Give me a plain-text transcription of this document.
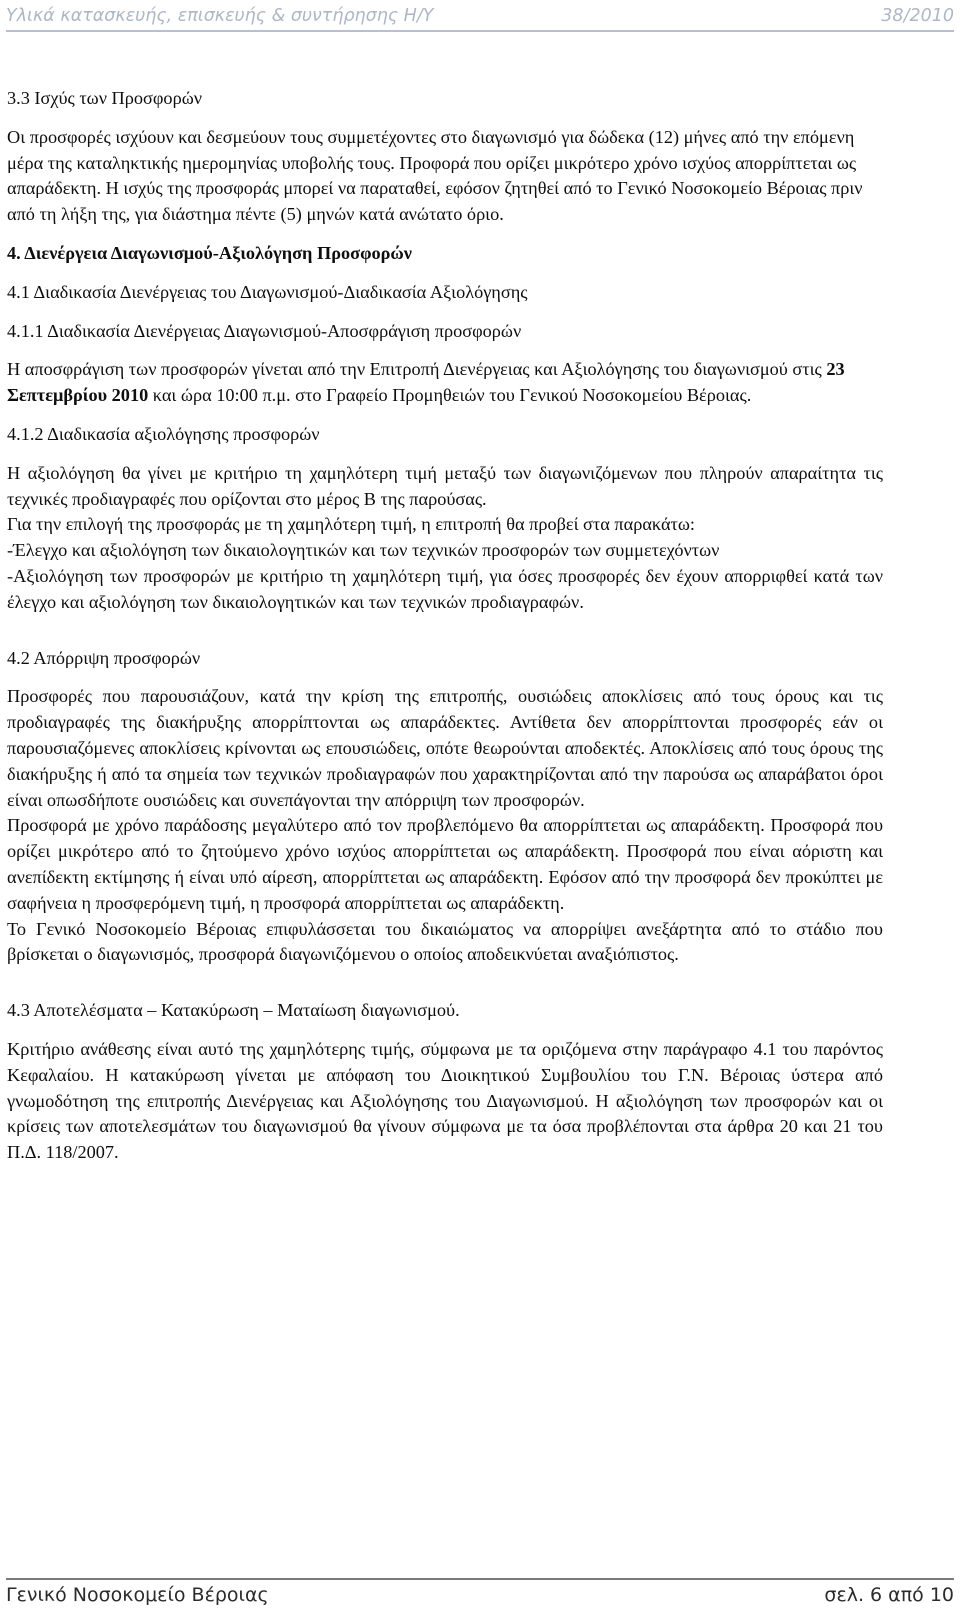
Υλικά κατασκευής, επισκευής & συντήρησης Η/Υ	38/2010

3.3 Ισχύς των Προσφορών

Οι προσφορές ισχύουν και δεσμεύουν τους συμμετέχοντες στο διαγωνισμό για δώδεκα (12) μήνες από την επόμενη μέρα της καταληκτικής ημερομηνίας υποβολής τους. Προφορά που ορίζει μικρότερο χρόνο ισχύος απορρίπτεται ως απαράδεκτη. Η ισχύς της προσφοράς μπορεί να παραταθεί, εφόσον ζητηθεί από το Γενικό Νοσοκομείο Βέροιας πριν από τη λήξη της, για διάστημα πέντε (5) μηνών κατά ανώτατο όριο.

4. Διενέργεια Διαγωνισμού-Αξιολόγηση Προσφορών

4.1 Διαδικασία Διενέργειας του Διαγωνισμού-Διαδικασία Αξιολόγησης

4.1.1 Διαδικασία Διενέργειας Διαγωνισμού-Αποσφράγιση προσφορών

Η αποσφράγιση των προσφορών γίνεται από την Επιτροπή Διενέργειας και Αξιολόγησης του διαγωνισμού στις 23 Σεπτεμβρίου 2010 και ώρα 10:00 π.μ. στο Γραφείο Προμηθειών του Γενικού Νοσοκομείου Βέροιας.

4.1.2 Διαδικασία αξιολόγησης προσφορών

Η αξιολόγηση θα γίνει με κριτήριο τη χαμηλότερη τιμή μεταξύ των διαγωνιζόμενων που πληρούν απαραίτητα τις τεχνικές προδιαγραφές που ορίζονται στο μέρος Β της παρούσας.

Για την επιλογή της προσφοράς με τη χαμηλότερη τιμή, η επιτροπή θα προβεί στα παρακάτω:

-Έλεγχο και αξιολόγηση των δικαιολογητικών και των τεχνικών προσφορών των συμμετεχόντων

-Αξιολόγηση των προσφορών με κριτήριο τη χαμηλότερη τιμή, για όσες προσφορές δεν έχουν απορριφθεί κατά των έλεγχο και αξιολόγηση των δικαιολογητικών και των τεχνικών προδιαγραφών.

4.2 Απόρριψη προσφορών

Προσφορές που παρουσιάζουν, κατά την κρίση της επιτροπής, ουσιώδεις αποκλίσεις από τους όρους και τις προδιαγραφές της διακήρυξης απορρίπτονται ως απαράδεκτες. Αντίθετα δεν απορρίπτονται προσφορές εάν οι παρουσιαζόμενες αποκλίσεις κρίνονται ως επουσιώδεις, οπότε θεωρούνται αποδεκτές. Αποκλίσεις από τους όρους της διακήρυξης ή από τα σημεία των τεχνικών προδιαγραφών που χαρακτηρίζονται από την παρούσα ως απαράβατοι όροι είναι οπωσδήποτε ουσιώδεις και συνεπάγονται την απόρριψη των προσφορών.

Προσφορά με χρόνο παράδοσης μεγαλύτερο από τον προβλεπόμενο θα απορρίπτεται ως απαράδεκτη. Προσφορά που ορίζει μικρότερο από το ζητούμενο χρόνο ισχύος απορρίπτεται ως απαράδεκτη. Προσφορά που είναι αόριστη και ανεπίδεκτη εκτίμησης ή είναι υπό αίρεση, απορρίπτεται ως απαράδεκτη. Εφόσον από την προσφορά δεν προκύπτει με σαφήνεια η προσφερόμενη τιμή, η προσφορά απορρίπτεται ως απαράδεκτη.

Το Γενικό Νοσοκομείο Βέροιας επιφυλάσσεται του δικαιώματος να απορρίψει ανεξάρτητα από το στάδιο που βρίσκεται ο διαγωνισμός, προσφορά διαγωνιζόμενου ο οποίος αποδεικνύεται αναξιόπιστος.

4.3 Αποτελέσματα – Κατακύρωση – Ματαίωση διαγωνισμού.

Κριτήριο ανάθεσης είναι αυτό της χαμηλότερης τιμής, σύμφωνα με τα οριζόμενα στην παράγραφο 4.1 του παρόντος Κεφαλαίου. Η κατακύρωση γίνεται με απόφαση του Διοικητικού Συμβουλίου του Γ.Ν. Βέροιας ύστερα από γνωμοδότηση της επιτροπής Διενέργειας και Αξιολόγησης του Διαγωνισμού. Η αξιολόγηση των προσφορών και οι κρίσεις των αποτελεσμάτων του διαγωνισμού θα γίνουν σύμφωνα με τα όσα προβλέπονται στα άρθρα 20 και 21 του Π.Δ. 118/2007.

Γενικό Νοσοκομείο Βέροιας	σελ. 6 από 10
